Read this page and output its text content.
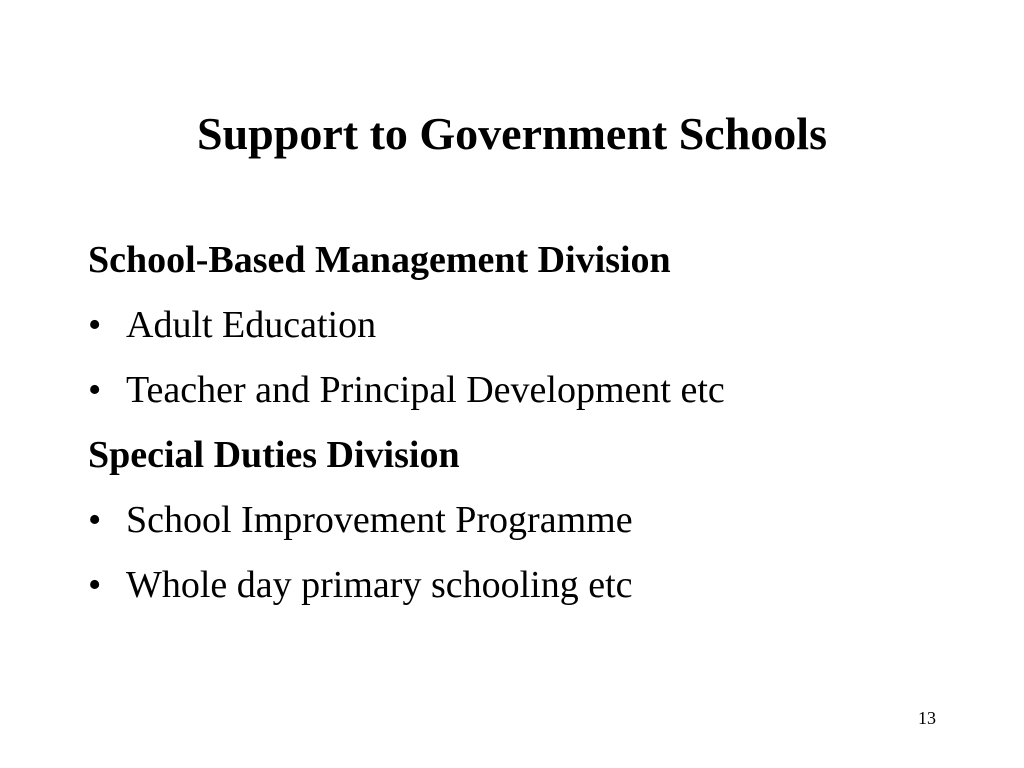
Support to Government Schools
School-Based Management Division
• Adult Education
• Teacher and Principal Development etc
Special Duties Division
• School Improvement Programme
• Whole day primary schooling etc
13
